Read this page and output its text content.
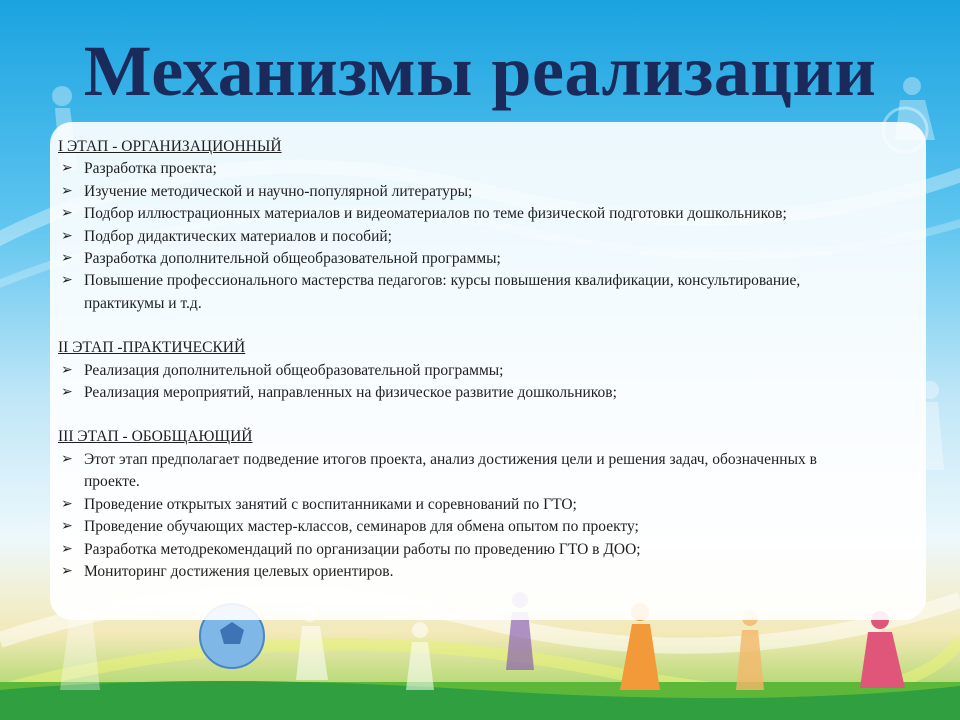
Механизмы реализации
I ЭТАП - ОРГАНИЗАЦИОННЫЙ
➢ Разработка проекта;
➢ Изучение методической и научно-популярной литературы;
➢ Подбор иллюстрационных материалов и видеоматериалов по теме физической подготовки дошкольников;
➢ Подбор дидактических материалов и пособий;
➢ Разработка дополнительной общеобразовательной программы;
➢ Повышение профессионального мастерства педагогов: курсы повышения квалификации, консультирование, практикумы и т.д.
II ЭТАП -ПРАКТИЧЕСКИЙ
➢ Реализация дополнительной общеобразовательной программы;
➢ Реализация мероприятий, направленных на физическое развитие дошкольников;
III ЭТАП - ОБОБЩАЮЩИЙ
➢ Этот этап предполагает подведение итогов проекта, анализ достижения цели и решения задач, обозначенных в проекте.
➢ Проведение открытых занятий с воспитанниками и соревнований по ГТО;
➢ Проведение обучающих мастер-классов, семинаров для обмена опытом по проекту;
➢ Разработка методрекомендаций по организации работы по проведению ГТО в ДОО;
➢ Мониторинг достижения целевых ориентиров.
